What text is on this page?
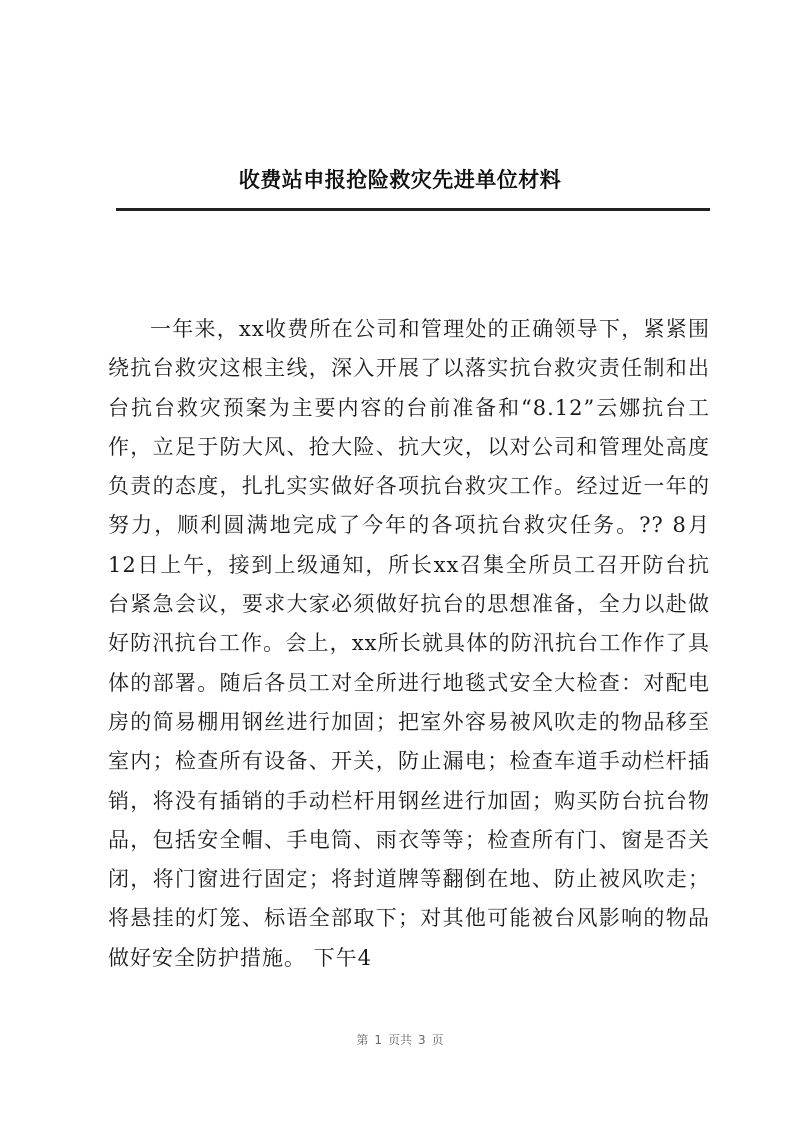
收费站申报抢险救灾先进单位材料

一年来，xx收费所在公司和管理处的正确领导下，紧紧围绕抗台救灾这根主线，深入开展了以落实抗台救灾责任制和出台抗台救灾预案为主要内容的台前准备和“8.12”云娜抗台工作，立足于防大风、抢大险、抗大灾，以对公司和管理处高度负责的态度，扎扎实实做好各项抗台救灾工作。经过近一年的努力，顺利圆满地完成了今年的各项抗台救灾任务。?? 8月12日上午，接到上级通知，所长xx召集全所员工召开防台抗台紧急会议，要求大家必须做好抗台的思想准备，全力以赴做好防汛抗台工作。会上，xx所长就具体的防汛抗台工作作了具体的部署。随后各员工对全所进行地毯式安全大检查：对配电房的简易棚用钢丝进行加固；把室外容易被风吹走的物品移至室内；检查所有设备、开关，防止漏电；检查车道手动栏杆插销，将没有插销的手动栏杆用钢丝进行加固；购买防台抗台物品，包括安全帽、手电筒、雨衣等等；检查所有门、窗是否关闭，将门窗进行固定；将封道牌等翻倒在地、防止被风吹走；将悬挂的灯笼、标语全部取下；对其他可能被台风影响的物品做好安全防护措施。 下午4

第 1 页共 3 页
